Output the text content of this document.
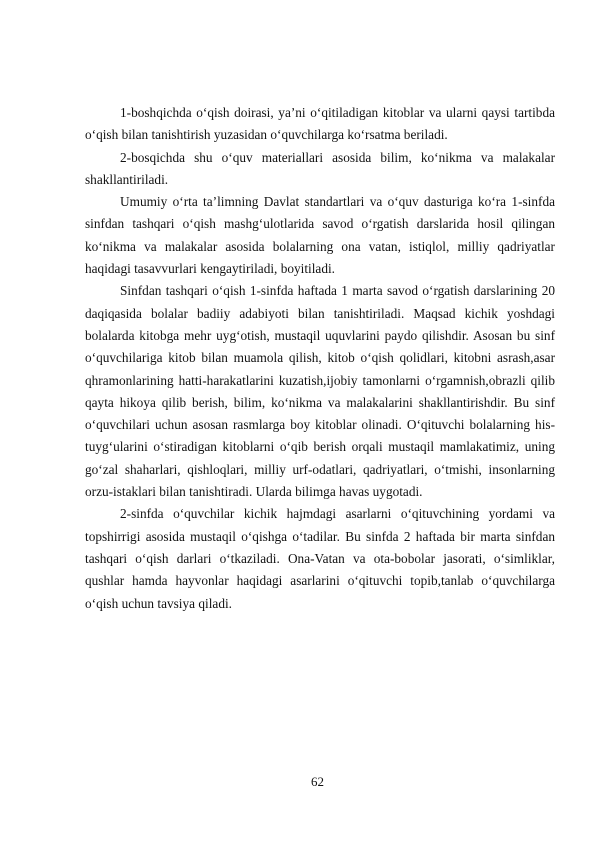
1-boshqichda o‘qish doirasi, ya’ni o‘qitiladigan kitoblar va ularni qaysi tartibda o‘qish bilan tanishtirish yuzasidan o‘quvchilarga ko‘rsatma beriladi.

2-bosqichda shu o‘quv materiallari asosida bilim, ko‘nikma va malakalar shakllantiriladi.

Umumiy o‘rta ta’limning Davlat standartlari va o‘quv dasturiga ko‘ra 1-sinfda sinfdan tashqari o‘qish mashg‘ulotlarida savod o‘rgatish darslarida hosil qilingan ko‘nikma va malakalar asosida bolalarning ona vatan, istiqlol, milliy qadriyatlar haqidagi tasavvurlari kengaytiriladi, boyitiladi.

Sinfdan tashqari o‘qish 1-sinfda haftada 1 marta savod o‘rgatish darslarining 20 daqiqasida bolalar badiiy adabiyoti bilan tanishtiriladi. Maqsad kichik yoshdagi bolalarda kitobga mehr uyg‘otish, mustaqil uquvlarini paydo qilishdir. Asosan bu sinf o‘quvchilariga kitob bilan muamola qilish, kitob o‘qish qolidlari, kitobni asrash,asar qhramonlarining hatti-harakatlarini kuzatish,ijobiy tamonlarni o‘rgamnish,obrazli qilib qayta hikoya qilib berish, bilim, ko‘nikma va malakalarini shakllantirishdir. Bu sinf o‘quvchilari uchun asosan rasmlarga boy kitoblar olinadi. O‘qituvchi bolalarning his-tuyg‘ularini o‘stiradigan kitoblarni o‘qib berish orqali mustaqil mamlakatimiz, uning go‘zal shaharlari, qishloqlari, milliy urf-odatlari, qadriyatlari, o‘tmishi, insonlarning orzu-istaklari bilan tanishtiradi. Ularda bilimga havas uygotadi.

2-sinfda o‘quvchilar kichik hajmdagi asarlarni o‘qituvchining yordami va topshirrigi asosida mustaqil o‘qishga o‘tadilar. Bu sinfda 2 haftada bir marta sinfdan tashqari o‘qish darlari o‘tkaziladi. Ona-Vatan va ota-bobolar jasorati, o‘simliklar, qushlar hamda hayvonlar haqidagi asarlarini o‘qituvchi topib,tanlab o‘quvchilarga o‘qish uchun tavsiya qiladi.

62
